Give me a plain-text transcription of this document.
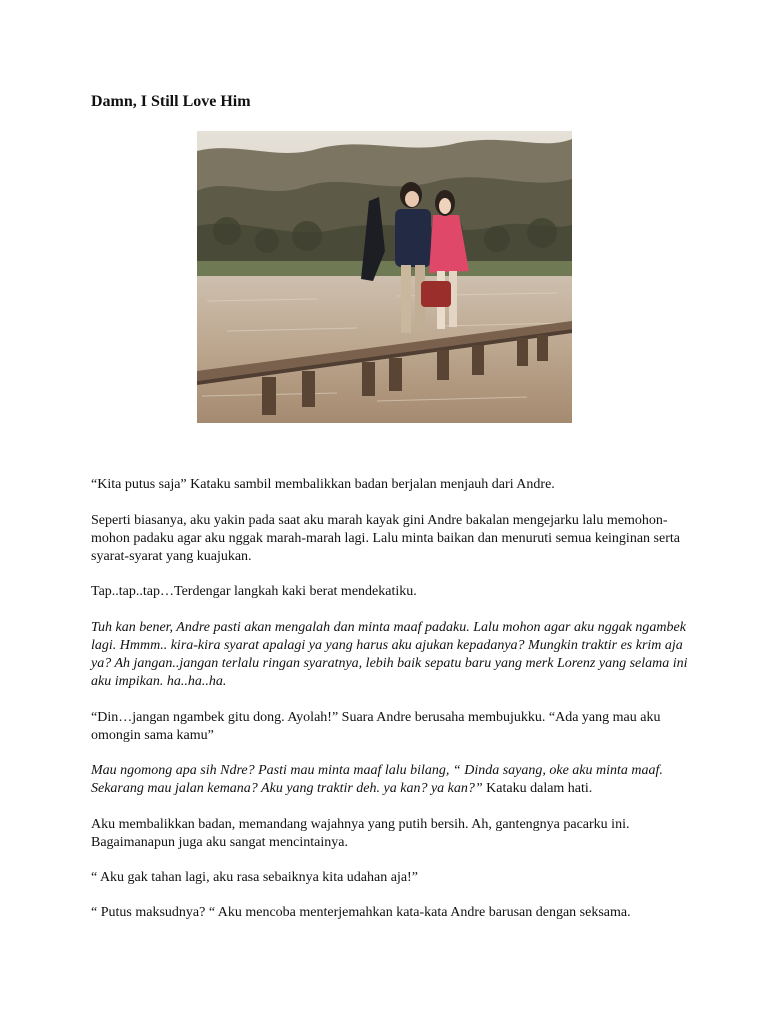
Damn, I Still Love Him

“Kita putus saja” Kataku sambil membalikkan badan berjalan menjauh dari Andre.

Seperti biasanya, aku yakin pada saat aku marah kayak gini Andre bakalan mengejarku lalu memohon-mohon padaku agar aku nggak marah-marah lagi. Lalu minta baikan dan menuruti semua keinginan serta syarat-syarat yang kuajukan.

Tap..tap..tap…Terdengar langkah kaki berat mendekatiku.

Tuh kan bener, Andre pasti akan mengalah dan minta maaf padaku. Lalu mohon agar aku nggak ngambek lagi. Hmmm.. kira-kira syarat apalagi ya yang harus aku ajukan kepadanya? Mungkin traktir es krim aja ya? Ah jangan..jangan terlalu ringan syaratnya, lebih baik sepatu baru yang merk Lorenz yang selama ini aku impikan. ha..ha..ha.

“Din…jangan ngambek gitu dong. Ayolah!” Suara Andre berusaha membujukku. “Ada yang mau aku omongin sama kamu”

Mau ngomong apa sih Ndre? Pasti mau minta maaf lalu bilang, “ Dinda sayang, oke aku minta maaf. Sekarang mau jalan kemana? Aku yang traktir deh. ya kan? ya kan?” Kataku dalam hati.

Aku membalikkan badan, memandang wajahnya yang putih bersih. Ah, gantengnya pacarku ini. Bagaimanapun juga aku sangat mencintainya.

“ Aku gak tahan lagi, aku rasa sebaiknya kita udahan aja!”

“ Putus maksudnya? “ Aku mencoba menterjemahkan kata-kata Andre barusan dengan seksama.
